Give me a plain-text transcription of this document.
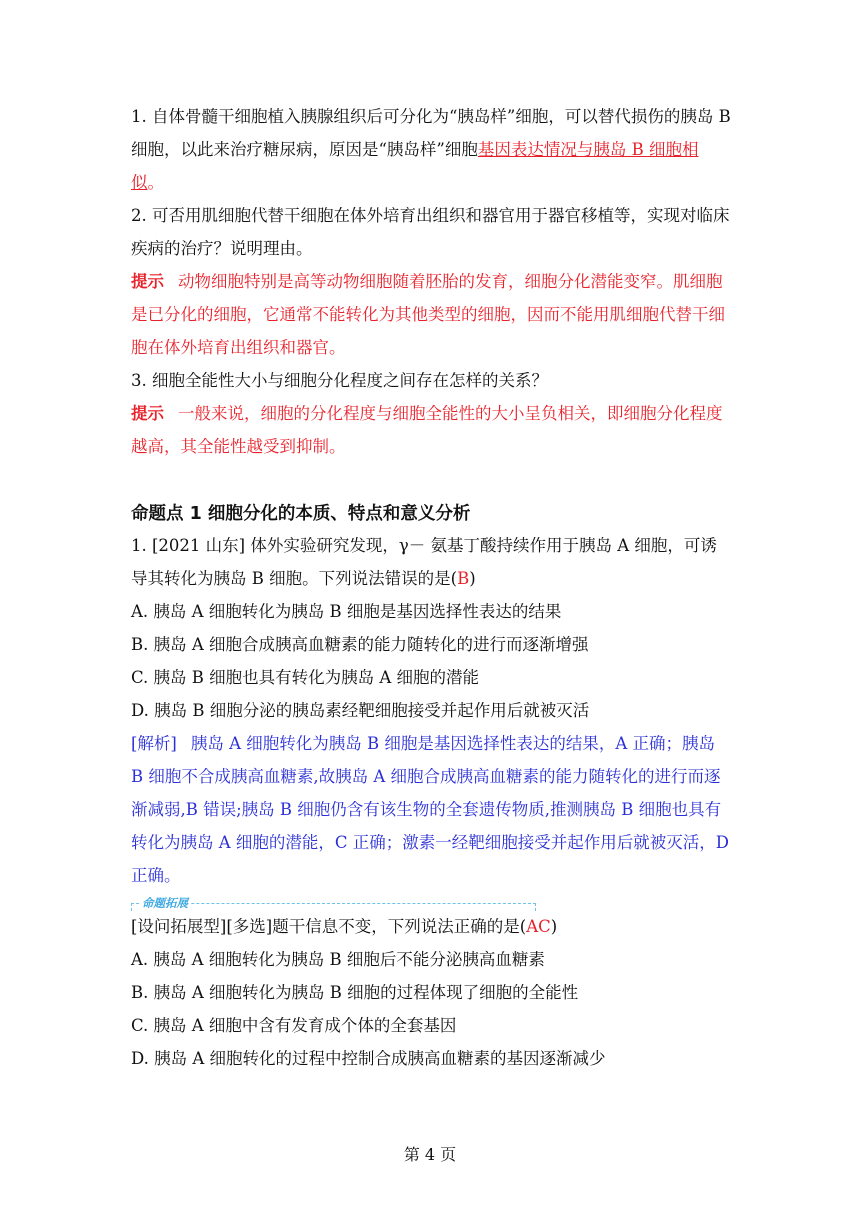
1. 自体骨髓干细胞植入胰腺组织后可分化为“胰岛样”细胞，可以替代损伤的胰岛 B 细胞，以此来治疗糖尿病，原因是“胰岛样”细胞基因表达情况与胰岛 B 细胞相似。

2. 可否用肌细胞代替干细胞在体外培育出组织和器官用于器官移植等，实现对临床疾病的治疗？说明理由。

提示 动物细胞特别是高等动物细胞随着胚胎的发育，细胞分化潜能变窄。肌细胞是已分化的细胞，它通常不能转化为其他类型的细胞，因而不能用肌细胞代替干细胞在体外培育出组织和器官。

3. 细胞全能性大小与细胞分化程度之间存在怎样的关系？

提示 一般来说，细胞的分化程度与细胞全能性的大小呈负相关，即细胞分化程度越高，其全能性越受到抑制。

命题点 1 细胞分化的本质、特点和意义分析

1. [2021 山东] 体外实验研究发现，γ－ 氨基丁酸持续作用于胰岛 A 细胞，可诱导其转化为胰岛 B 细胞。下列说法错误的是(B)

A. 胰岛 A 细胞转化为胰岛 B 细胞是基因选择性表达的结果

B. 胰岛 A 细胞合成胰高血糖素的能力随转化的进行而逐渐增强

C. 胰岛 B 细胞也具有转化为胰岛 A 细胞的潜能

D. 胰岛 B 细胞分泌的胰岛素经靶细胞接受并起作用后就被灭活

[解析] 胰岛 A 细胞转化为胰岛 B 细胞是基因选择性表达的结果，A 正确；胰岛 B 细胞不合成胰高血糖素,故胰岛 A 细胞合成胰高血糖素的能力随转化的进行而逐渐减弱,B 错误;胰岛 B 细胞仍含有该生物的全套遗传物质,推测胰岛 B 细胞也具有转化为胰岛 A 细胞的潜能，C 正确；激素一经靶细胞接受并起作用后就被灭活，D 正确。

命题拓展

[设问拓展型][多选]题干信息不变，下列说法正确的是(AC)

A. 胰岛 A 细胞转化为胰岛 B 细胞后不能分泌胰高血糖素

B. 胰岛 A 细胞转化为胰岛 B 细胞的过程体现了细胞的全能性

C. 胰岛 A 细胞中含有发育成个体的全套基因

D. 胰岛 A 细胞转化的过程中控制合成胰高血糖素的基因逐渐减少

第 4 页
